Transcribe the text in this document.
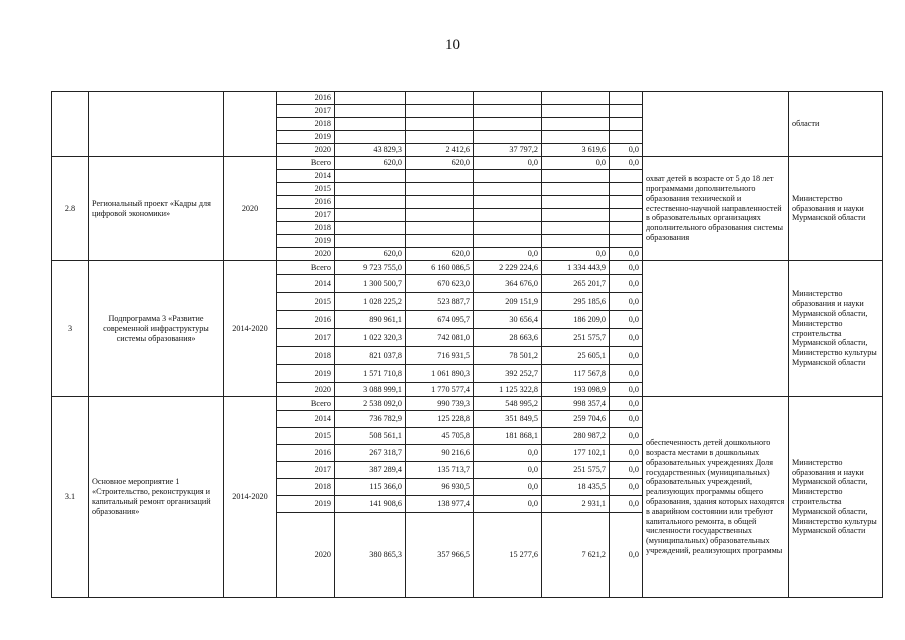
10
			2016							области
			2017							
			2018							
			2019							
			2020	43 829,3	2 412,6	37 797,2	3 619,6	0,0		
2.8	Региональный проект «Кадры для цифровой экономики»	2020	Всего	620,0	620,0	0,0	0,0	0,0	охват детей в возрасте от 5 до 18 лет программами дополнительного образования технической и естественно-научной направленностей в образовательных организациях дополнительного образования системы образования	Министерство образования и науки Мурманской области
			2014							
			2015							
			2016							
			2017							
			2018							
			2019							
			2020	620,0	620,0	0,0	0,0	0,0		
3	Подпрограмма 3 «Развитие современной инфраструктуры системы образования»	2014-2020	Всего	9 723 755,0	6 160 086,5	2 229 224,6	1 334 443,9	0,0		Министерство образования и науки Мурманской области, Министерство строительства Мурманской области, Министерство культуры Мурманской области
			2014	1 300 500,7	670 623,0	364 676,0	265 201,7	0,0		
			2015	1 028 225,2	523 887,7	209 151,9	295 185,6	0,0		
			2016	890 961,1	674 095,7	30 656,4	186 209,0	0,0		
			2017	1 022 320,3	742 081,0	28 663,6	251 575,7	0,0		
			2018	821 037,8	716 931,5	78 501,2	25 605,1	0,0		
			2019	1 571 710,8	1 061 890,3	392 252,7	117 567,8	0,0		
			2020	3 088 999,1	1 770 577,4	1 125 322,8	193 098,9	0,0		
3.1	Основное мероприятие 1 «Строительство, реконструкция и капитальный ремонт организаций образования»	2014-2020	Всего	2 538 092,0	990 739,3	548 995,2	998 357,4	0,0	обеспеченность детей дошкольного возраста местами в дошкольных образовательных учреждениях Доля государственных (муниципальных) образовательных учреждений, реализующих программы общего образования, здания которых находятся в аварийном состоянии или требуют капитального ремонта, в общей численности государственных (муниципальных) образовательных учреждений, реализующих программы	Министерство образования и науки Мурманской области, Министерство строительства Мурманской области, Министерство культуры Мурманской области
			2014	736 782,9	125 228,8	351 849,5	259 704,6	0,0		
			2015	508 561,1	45 705,8	181 868,1	280 987,2	0,0		
			2016	267 318,7	90 216,6	0,0	177 102,1	0,0		
			2017	387 289,4	135 713,7	0,0	251 575,7	0,0		
			2018	115 366,0	96 930,5	0,0	18 435,5	0,0		
			2019	141 908,6	138 977,4	0,0	2 931,1	0,0		
			2020	380 865,3	357 966,5	15 277,6	7 621,2	0,0		
